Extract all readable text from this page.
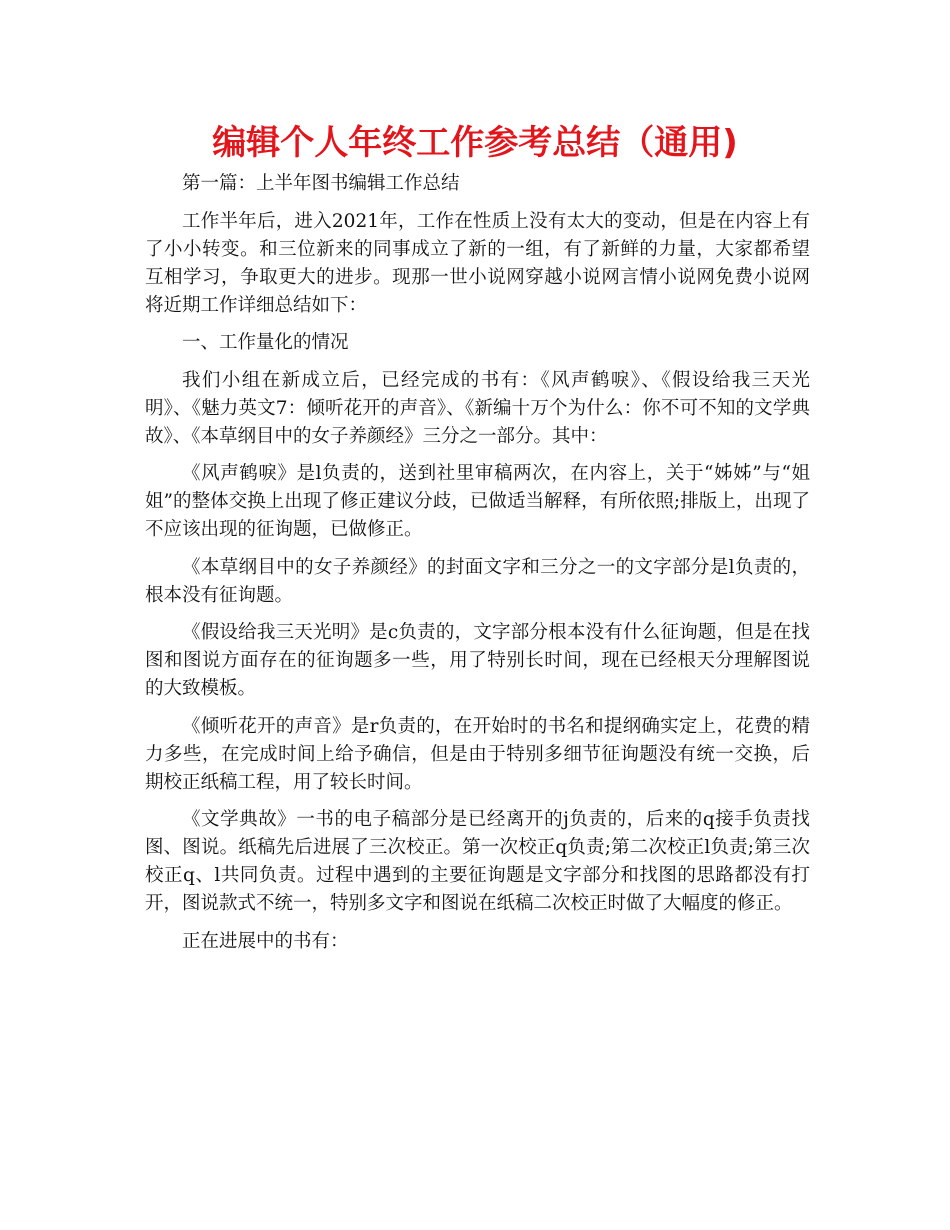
编辑个人年终工作参考总结（通用)

第一篇：上半年图书编辑工作总结

工作半年后，进入2021年，工作在性质上没有太大的变动，但是在内容上有了小小转变。和三位新来的同事成立了新的一组，有了新鲜的力量，大家都希望互相学习，争取更大的进步。现那一世小说网穿越小说网言情小说网免费小说网将近期工作详细总结如下：

一、工作量化的情况

我们小组在新成立后，已经完成的书有：《风声鹤唳》、《假设给我三天光明》、《魅力英文7：倾听花开的声音》、《新编十万个为什么：你不可不知的文学典故》、《本草纲目中的女子养颜经》三分之一部分。其中：

《风声鹤唳》是l负责的，送到社里审稿两次，在内容上，关于“姊姊”与“姐姐”的整体交换上出现了修正建议分歧，已做适当解释，有所依照;排版上，出现了不应该出现的征询题，已做修正。

《本草纲目中的女子养颜经》的封面文字和三分之一的文字部分是l负责的，根本没有征询题。

《假设给我三天光明》是c负责的，文字部分根本没有什么征询题，但是在找图和图说方面存在的征询题多一些，用了特别长时间，现在已经根天分理解图说的大致模板。

《倾听花开的声音》是r负责的，在开始时的书名和提纲确实定上，花费的精力多些，在完成时间上给予确信，但是由于特别多细节征询题没有统一交换，后期校正纸稿工程，用了较长时间。

《文学典故》一书的电子稿部分是已经离开的j负责的，后来的q接手负责找图、图说。纸稿先后进展了三次校正。第一次校正q负责;第二次校正l负责;第三次校正q、l共同负责。过程中遇到的主要征询题是文字部分和找图的思路都没有打开，图说款式不统一，特别多文字和图说在纸稿二次校正时做了大幅度的修正。

正在进展中的书有：
